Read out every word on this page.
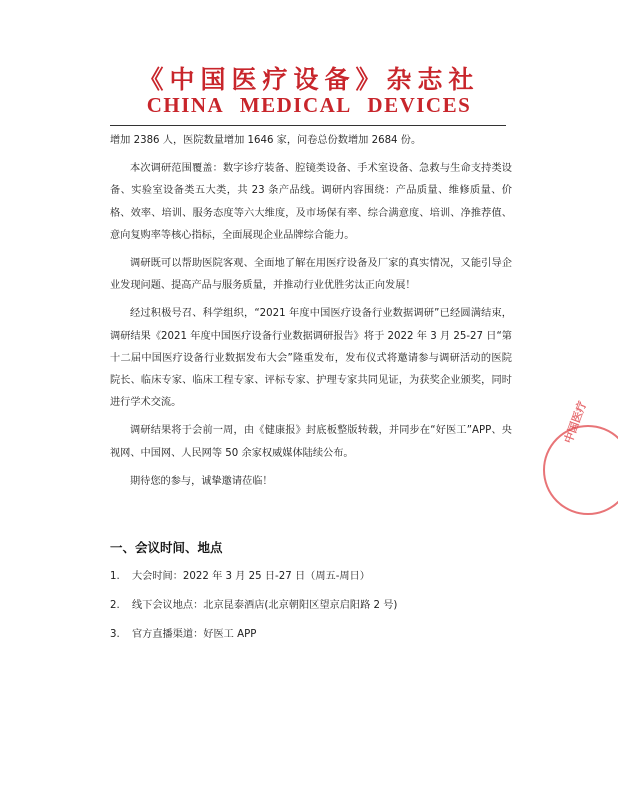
《中国医疗设备》杂志社
CHINA MEDICAL DEVICES

增加 2386 人，医院数量增加 1646 家，问卷总份数增加 2684 份。

本次调研范围覆盖：数字诊疗装备、腔镜类设备、手术室设备、急救与生命支持类设备、实验室设备类五大类，共 23 条产品线。调研内容围绕：产品质量、维修质量、价格、效率、培训、服务态度等六大维度，及市场保有率、综合满意度、培训、净推荐值、意向复购率等核心指标，全面展现企业品牌综合能力。

调研既可以帮助医院客观、全面地了解在用医疗设备及厂家的真实情况，又能引导企业发现问题、提高产品与服务质量，并推动行业优胜劣汰正向发展！

经过积极号召、科学组织，“2021 年度中国医疗设备行业数据调研”已经圆满结束，调研结果《2021 年度中国医疗设备行业数据调研报告》将于 2022 年 3 月 25-27 日“第十二届中国医疗设备行业数据发布大会”隆重发布，发布仪式将邀请参与调研活动的医院院长、临床专家、临床工程专家、评标专家、护理专家共同见证，为获奖企业颁奖，同时进行学术交流。

调研结果将于会前一周，由《健康报》封底板整版转载，并同步在“好医工”APP、央视网、中国网、人民网等 50 余家权威媒体陆续公布。

期待您的参与，诚挚邀请莅临！

一、会议时间、地点
1.	大会时间：2022 年 3 月 25 日-27 日（周五-周日）
2.	线下会议地点：北京昆泰酒店(北京朝阳区望京启阳路 2 号)
3.	官方直播渠道：好医工 APP
中国医疗
